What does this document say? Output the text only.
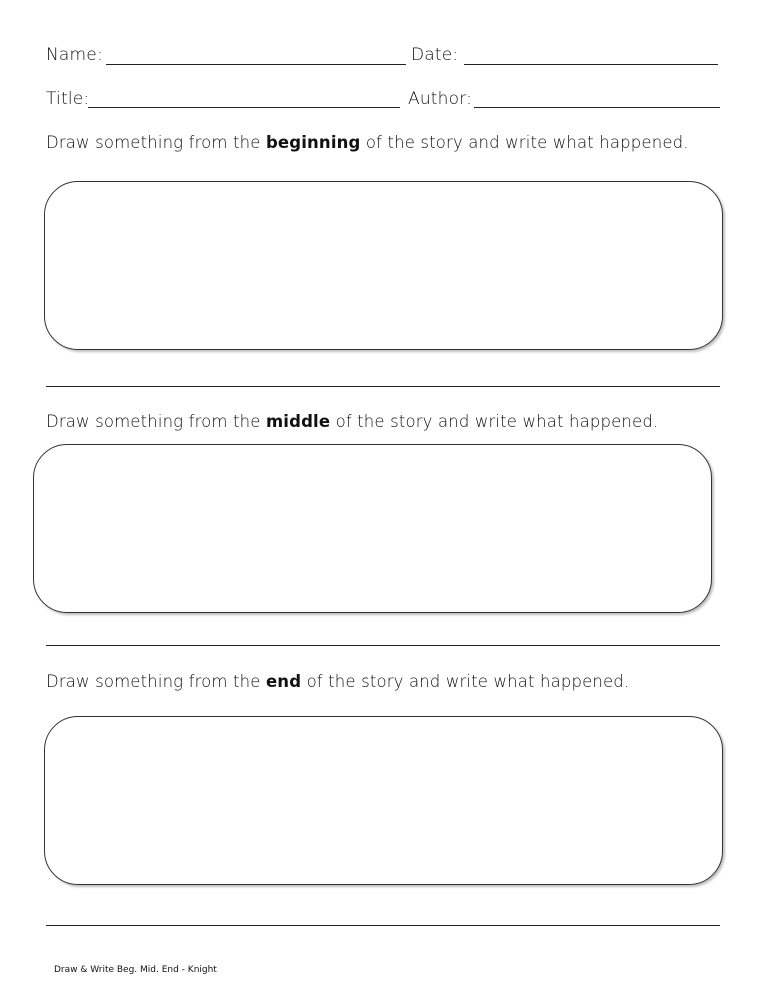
Name:	Date:
Title:	Author:
Draw something from the beginning of the story and write what happened.
Draw something from the middle of the story and write what happened.
Draw something from the end of the story and write what happened.
Draw & Write Beg. Mid. End - Knight
